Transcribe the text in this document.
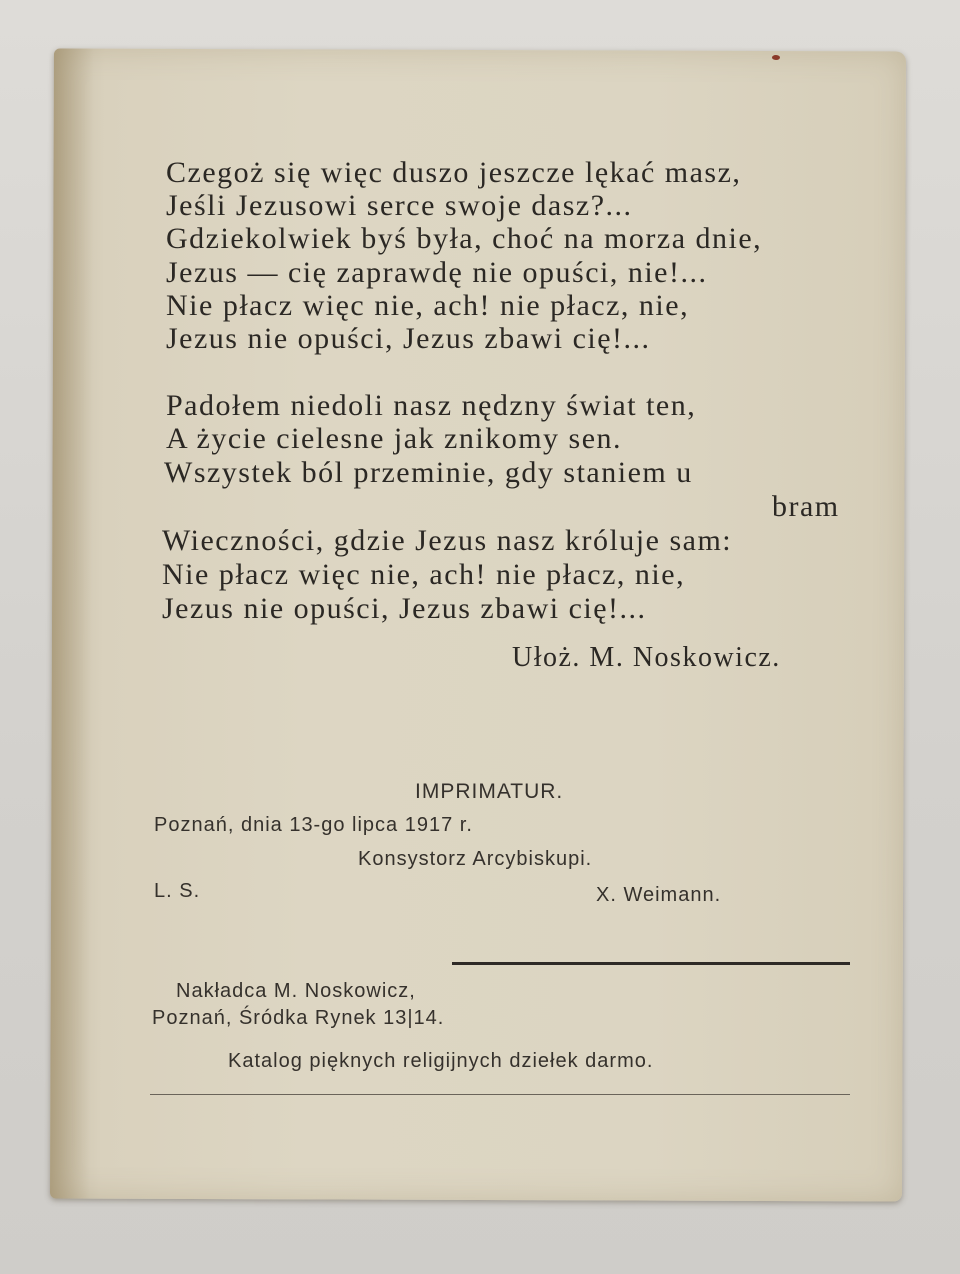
Czegoż się więc duszo jeszcze lękać masz,
Jeśli Jezusowi serce swoje dasz?...
Gdziekolwiek byś była, choć na morza dnie,
Jezus — cię zaprawdę nie opuści, nie!...
Nie płacz więc nie, ach! nie płacz, nie,
Jezus nie opuści, Jezus zbawi cię!...
Padołem niedoli nasz nędzny świat ten,
A życie cielesne jak znikomy sen.
Wszystek ból przeminie, gdy staniem u
bram
Wieczności, gdzie Jezus nasz króluje sam:
Nie płacz więc nie, ach! nie płacz, nie,
Jezus nie opuści, Jezus zbawi cię!...
Ułoż. M. Noskowicz.
IMPRIMATUR.
Poznań, dnia 13-go lipca 1917 r.
Konsystorz Arcybiskupi.
L. S.	X. Weimann.
Nakładca M. Noskowicz,
Poznań, Śródka Rynek 13|14.
Katalog pięknych religijnych dziełek darmo.
